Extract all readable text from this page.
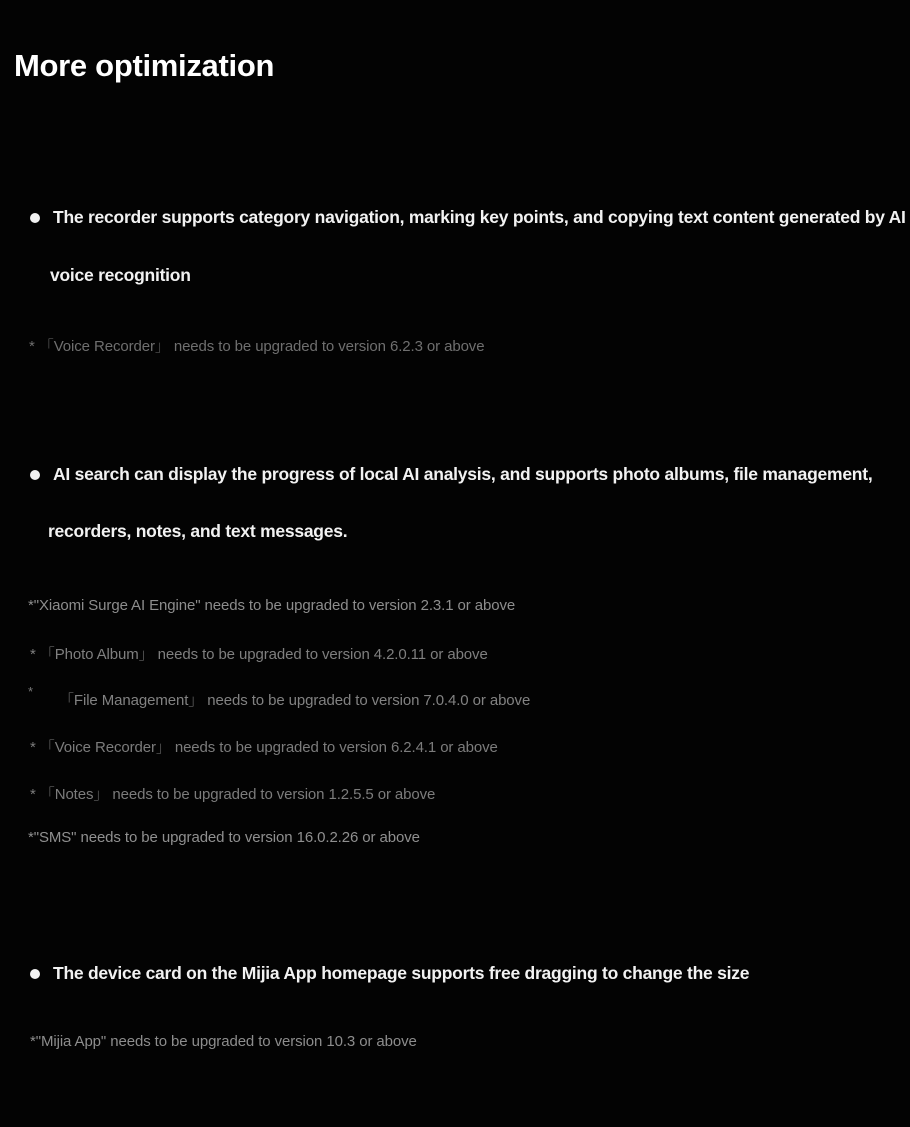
More optimization
The recorder supports category navigation, marking key points, and copying text content generated by AI
voice recognition
* 「Voice Recorder」 needs to be upgraded to version 6.2.3 or above
AI search can display the progress of local AI analysis, and supports photo albums, file management,
recorders, notes, and text messages.
*"Xiaomi Surge AI Engine" needs to be upgraded to version 2.3.1 or above
* 「Photo Album」 needs to be upgraded to version 4.2.0.11 or above
*
「File Management」 needs to be upgraded to version 7.0.4.0 or above
* 「Voice Recorder」 needs to be upgraded to version 6.2.4.1 or above
* 「Notes」 needs to be upgraded to version 1.2.5.5 or above
*"SMS" needs to be upgraded to version 16.0.2.26 or above
The device card on the Mijia App homepage supports free dragging to change the size
*"Mijia App" needs to be upgraded to version 10.3 or above
